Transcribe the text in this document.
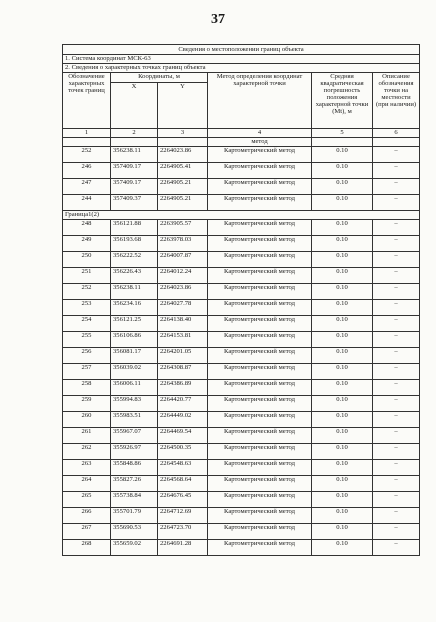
37
Сведения о местоположении границ объекта					
1. Система координат МСК-63					
2. Сведения о характерных точках границ объекта					
Обозначение характерных точек границ	Координаты, м		Метод определения координат характерной точки	Средняя квадратическая погрешность положения характерной точки (Mt), м	Описание обозначения точки на местности (при наличии)
	X	Y			
1	2	3	4	5	6
			метод		
252	356238.11	2264023.86	Картометрический метод	0.10	–
246	357409.17	2264905.41	Картометрический метод	0.10	–
247	357409.17	2264905.21	Картометрический метод	0.10	–
244	357409.37	2264905.21	Картометрический метод	0.10	–
Граница1(2)					
248	356121.88	2263905.57	Картометрический метод	0.10	–
249	356193.68	2263978.03	Картометрический метод	0.10	–
250	356222.52	2264007.87	Картометрический метод	0.10	–
251	356226.43	2264012.24	Картометрический метод	0.10	–
252	356238.11	2264023.86	Картометрический метод	0.10	–
253	356234.16	2264027.78	Картометрический метод	0.10	–
254	356121.25	2264138.40	Картометрический метод	0.10	–
255	356106.86	2264153.81	Картометрический метод	0.10	–
256	356081.17	2264201.05	Картометрический метод	0.10	–
257	356039.02	2264308.87	Картометрический метод	0.10	–
258	356006.11	2264386.89	Картометрический метод	0.10	–
259	355994.83	2264420.77	Картометрический метод	0.10	–
260	355983.51	2264449.02	Картометрический метод	0.10	–
261	355967.07	2264469.54	Картометрический метод	0.10	–
262	355926.97	2264500.35	Картометрический метод	0.10	–
263	355848.86	2264548.63	Картометрический метод	0.10	–
264	355827.26	2264568.64	Картометрический метод	0.10	–
265	355738.84	2264676.45	Картометрический метод	0.10	–
266	355701.79	2264712.69	Картометрический метод	0.10	–
267	355690.53	2264723.70	Картометрический метод	0.10	–
268	355659.02	2264691.28	Картометрический метод	0.10	–
